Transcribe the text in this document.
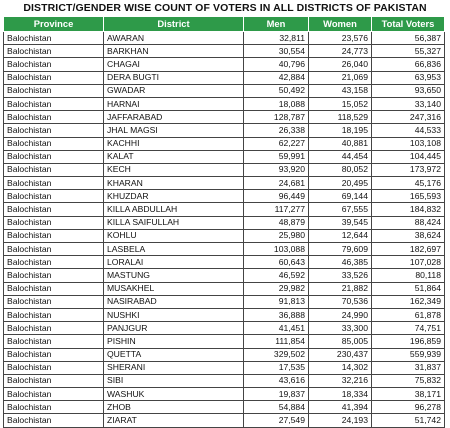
DISTRICT/GENDER WISE COUNT OF VOTERS IN ALL DISTRICTS OF PAKISTAN
Province	District	Men	Women	Total Voters
Balochistan	AWARAN	32,811	23,576	56,387
Balochistan	BARKHAN	30,554	24,773	55,327
Balochistan	CHAGAI	40,796	26,040	66,836
Balochistan	DERA BUGTI	42,884	21,069	63,953
Balochistan	GWADAR	50,492	43,158	93,650
Balochistan	HARNAI	18,088	15,052	33,140
Balochistan	JAFFARABAD	128,787	118,529	247,316
Balochistan	JHAL MAGSI	26,338	18,195	44,533
Balochistan	KACHHI	62,227	40,881	103,108
Balochistan	KALAT	59,991	44,454	104,445
Balochistan	KECH	93,920	80,052	173,972
Balochistan	KHARAN	24,681	20,495	45,176
Balochistan	KHUZDAR	96,449	69,144	165,593
Balochistan	KILLA ABDULLAH	117,277	67,555	184,832
Balochistan	KILLA SAIFULLAH	48,879	39,545	88,424
Balochistan	KOHLU	25,980	12,644	38,624
Balochistan	LASBELA	103,088	79,609	182,697
Balochistan	LORALAI	60,643	46,385	107,028
Balochistan	MASTUNG	46,592	33,526	80,118
Balochistan	MUSAKHEL	29,982	21,882	51,864
Balochistan	NASIRABAD	91,813	70,536	162,349
Balochistan	NUSHKI	36,888	24,990	61,878
Balochistan	PANJGUR	41,451	33,300	74,751
Balochistan	PISHIN	111,854	85,005	196,859
Balochistan	QUETTA	329,502	230,437	559,939
Balochistan	SHERANI	17,535	14,302	31,837
Balochistan	SIBI	43,616	32,216	75,832
Balochistan	WASHUK	19,837	18,334	38,171
Balochistan	ZHOB	54,884	41,394	96,278
Balochistan	ZIARAT	27,549	24,193	51,742
